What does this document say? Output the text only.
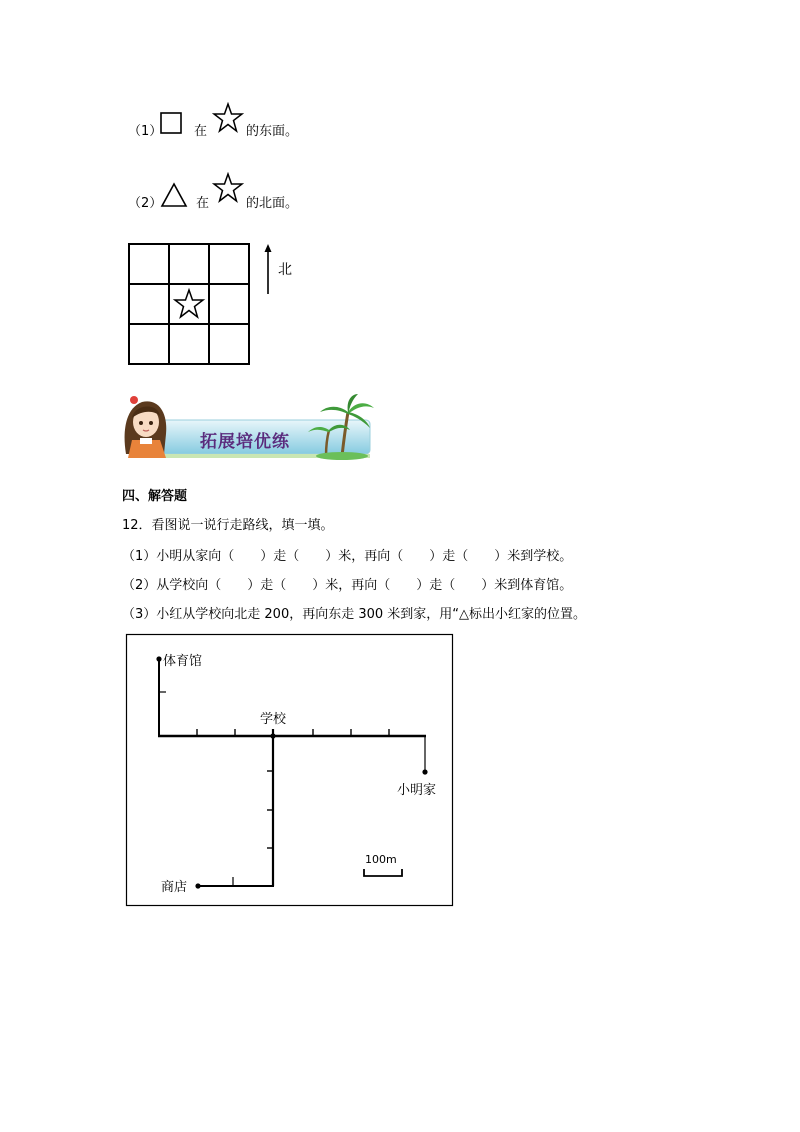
（1） 在	的东面。
（2）	在	的北面。
北
拓展培优练
四、解答题
12．看图说一说行走路线，填一填。
（1）小明从家向（　　）走（　　）米，再向（　　）走（　　）米到学校。
（2）从学校向（　　）走（　　）米，再向（　　）走（　　）米到体育馆。
（3）小红从学校向北走 200，再向东走 300 米到家，用“△标出小红家的位置。
体育馆
学校
小明家
商店
100m
